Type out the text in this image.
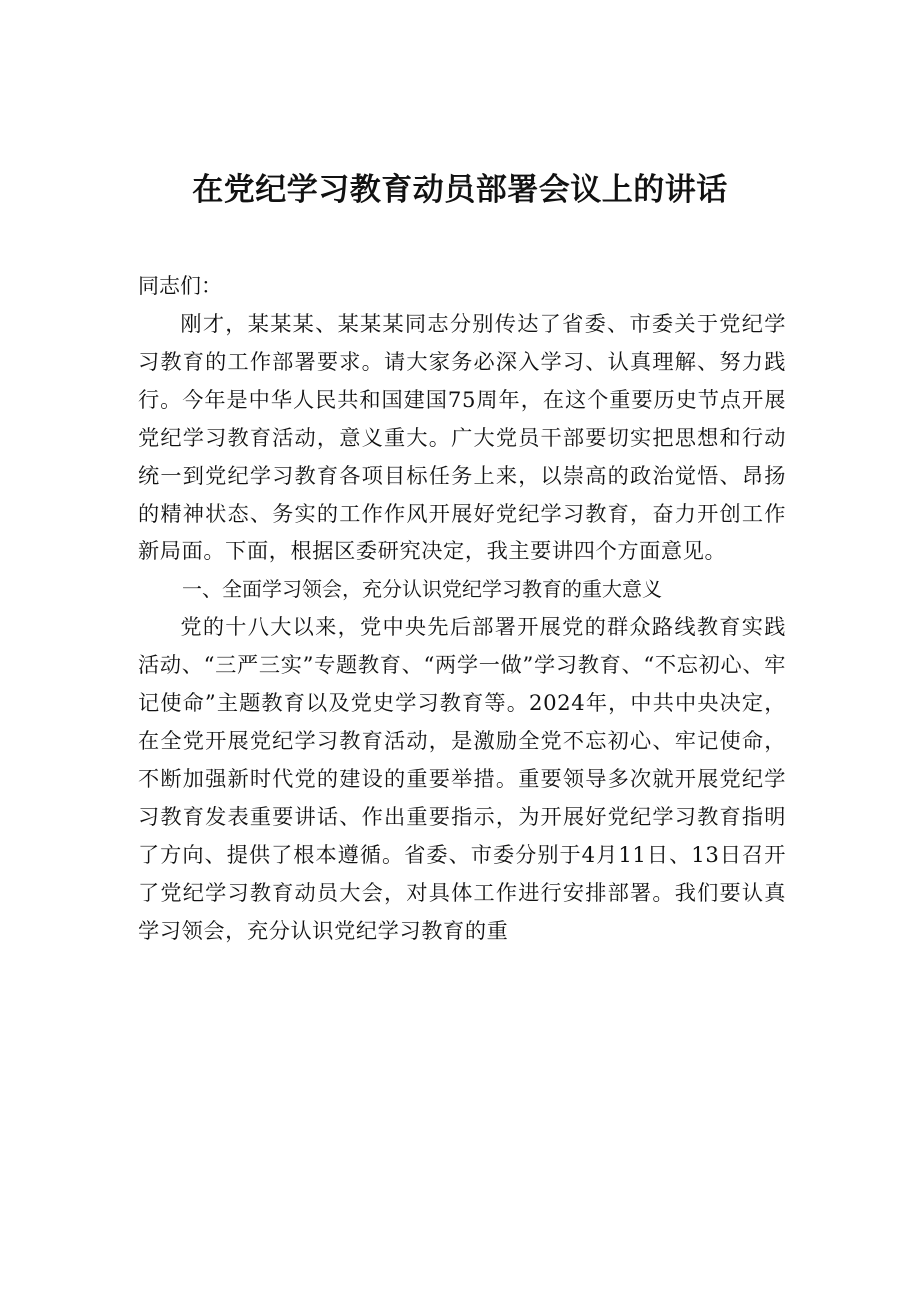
在党纪学习教育动员部署会议上的讲话

同志们：

刚才，某某某、某某某同志分别传达了省委、市委关于党纪学习教育的工作部署要求。请大家务必深入学习、认真理解、努力践行。今年是中华人民共和国建国75周年，在这个重要历史节点开展党纪学习教育活动，意义重大。广大党员干部要切实把思想和行动统一到党纪学习教育各项目标任务上来，以崇高的政治觉悟、昂扬的精神状态、务实的工作作风开展好党纪学习教育，奋力开创工作新局面。下面，根据区委研究决定，我主要讲四个方面意见。

一、全面学习领会，充分认识党纪学习教育的重大意义

党的十八大以来，党中央先后部署开展党的群众路线教育实践活动、“三严三实”专题教育、“两学一做”学习教育、“不忘初心、牢记使命”主题教育以及党史学习教育等。2024年，中共中央决定，在全党开展党纪学习教育活动，是激励全党不忘初心、牢记使命，不断加强新时代党的建设的重要举措。重要领导多次就开展党纪学习教育发表重要讲话、作出重要指示，为开展好党纪学习教育指明了方向、提供了根本遵循。省委、市委分别于4月11日、13日召开了党纪学习教育动员大会，对具体工作进行安排部署。我们要认真学习领会，充分认识党纪学习教育的重
